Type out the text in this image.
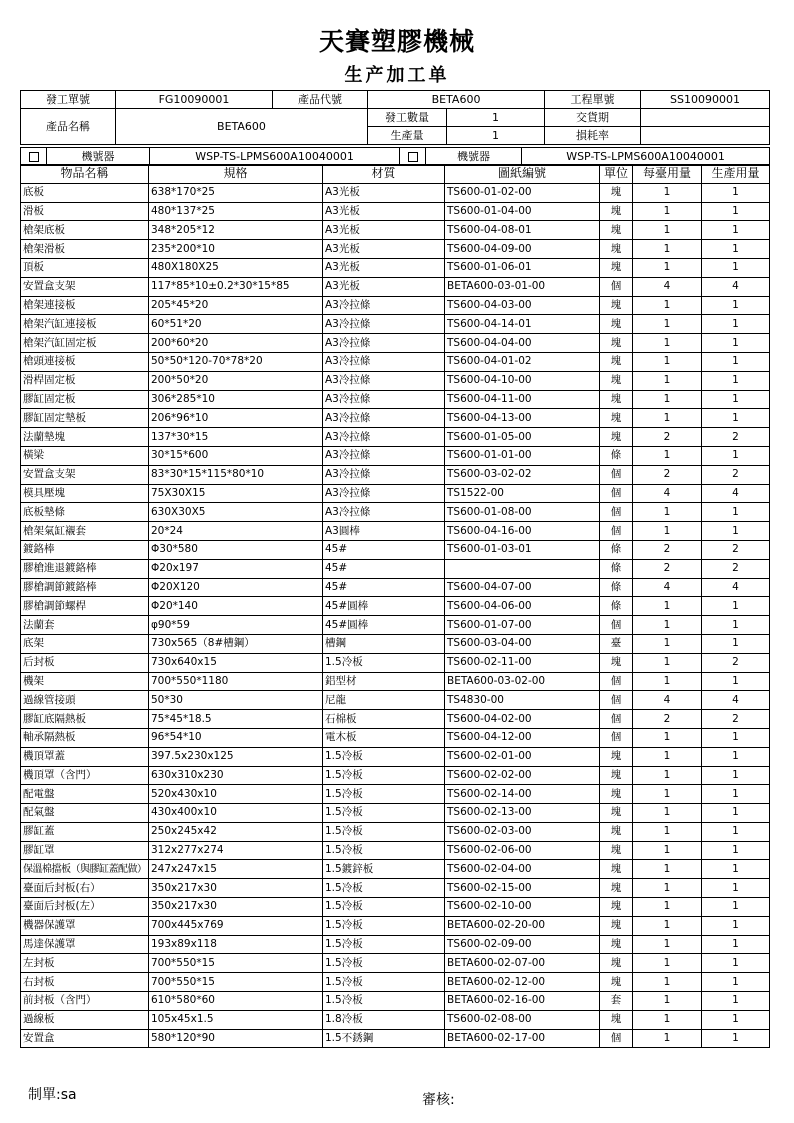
天賽塑膠機械
生产加工单
發工單號	FG10090001	產品代號	BETA600		工程單號	SS10090001
產品名稱	BETA600		發工數量	1	交貨期	
			生產量	1	損耗率	
	機號器	WSP-TS-LPMS600A10040001		機號器	WSP-TS-LPMS600A10040001
物品名稱	規格	材質	圖紙編號	單位	每臺用量	生產用量
底板	638*170*25	A3光板	TS600-01-02-00	塊	1	1
滑板	480*137*25	A3光板	TS600-01-04-00	塊	1	1
槍架底板	348*205*12	A3光板	TS600-04-08-01	塊	1	1
槍架滑板	235*200*10	A3光板	TS600-04-09-00	塊	1	1
頂板	480X180X25	A3光板	TS600-01-06-01	塊	1	1
安置盒支架	117*85*10±0.2*30*15*85	A3光板	BETA600-03-01-00	個	4	4
槍架連接板	205*45*20	A3冷拉條	TS600-04-03-00	塊	1	1
槍架汽缸連接板	60*51*20	A3冷拉條	TS600-04-14-01	塊	1	1
槍架汽缸固定板	200*60*20	A3冷拉條	TS600-04-04-00	塊	1	1
槍頭連接板	50*50*120-70*78*20	A3冷拉條	TS600-04-01-02	塊	1	1
滑桿固定板	200*50*20	A3冷拉條	TS600-04-10-00	塊	1	1
膠缸固定板	306*285*10	A3冷拉條	TS600-04-11-00	塊	1	1
膠缸固定墊板	206*96*10	A3冷拉條	TS600-04-13-00	塊	1	1
法蘭墊塊	137*30*15	A3冷拉條	TS600-01-05-00	塊	2	2
橫梁	30*15*600	A3冷拉條	TS600-01-01-00	條	1	1
安置盒支架	83*30*15*115*80*10	A3冷拉條	TS600-03-02-02	個	2	2
模具壓塊	75X30X15	A3冷拉條	TS1522-00	個	4	4
底板墊條	630X30X5	A3冷拉條	TS600-01-08-00	個	1	1
槍架氣缸襯套	20*24	A3圓棒	TS600-04-16-00	個	1	1
鍍鉻棒	Φ30*580	45#	TS600-01-03-01	條	2	2
膠槍進退鍍鉻棒	Φ20x197	45#		條	2	2
膠槍調節鍍鉻棒	Φ20X120	45#	TS600-04-07-00	條	4	4
膠槍調節螺桿	Φ20*140	45#圓棒	TS600-04-06-00	條	1	1
法蘭套	φ90*59	45#圓棒	TS600-01-07-00	個	1	1
底架	730x565（8#槽鋼）	槽鋼	TS600-03-04-00	臺	1	1
后封板	730x640x15	1.5冷板	TS600-02-11-00	塊	1	2
機架	700*550*1180	鋁型材	BETA600-03-02-00	個	1	1
過線管接頭	50*30	尼龍	TS4830-00	個	4	4
膠缸底隔熱板	75*45*18.5	石棉板	TS600-04-02-00	個	2	2
軸承隔熱板	96*54*10	電木板	TS600-04-12-00	個	1	1
機頂罩蓋	397.5x230x125	1.5冷板	TS600-02-01-00	塊	1	1
機頂罩（含門）	630x310x230	1.5冷板	TS600-02-02-00	塊	1	1
配電盤	520x430x10	1.5冷板	TS600-02-14-00	塊	1	1
配氣盤	430x400x10	1.5冷板	TS600-02-13-00	塊	1	1
膠缸蓋	250x245x42	1.5冷板	TS600-02-03-00	塊	1	1
膠缸罩	312x277x274	1.5冷板	TS600-02-06-00	塊	1	1
保溫棉擋板（與膠缸蓋配做）	247x247x15	1.5鍍鋅板	TS600-02-04-00	塊	1	1
臺面后封板(右）	350x217x30	1.5冷板	TS600-02-15-00	塊	1	1
臺面后封板(左）	350x217x30	1.5冷板	TS600-02-10-00	塊	1	1
機器保護罩	700x445x769	1.5冷板	BETA600-02-20-00	塊	1	1
馬達保護罩	193x89x118	1.5冷板	TS600-02-09-00	塊	1	1
左封板	700*550*15	1.5冷板	BETA600-02-07-00	塊	1	1
右封板	700*550*15	1.5冷板	BETA600-02-12-00	塊	1	1
前封板（含門）	610*580*60	1.5冷板	BETA600-02-16-00	套	1	1
過線板	105x45x1.5	1.8冷板	TS600-02-08-00	塊	1	1
安置盒	580*120*90	1.5不銹鋼	BETA600-02-17-00	個	1	1
制單:sa	審核:
